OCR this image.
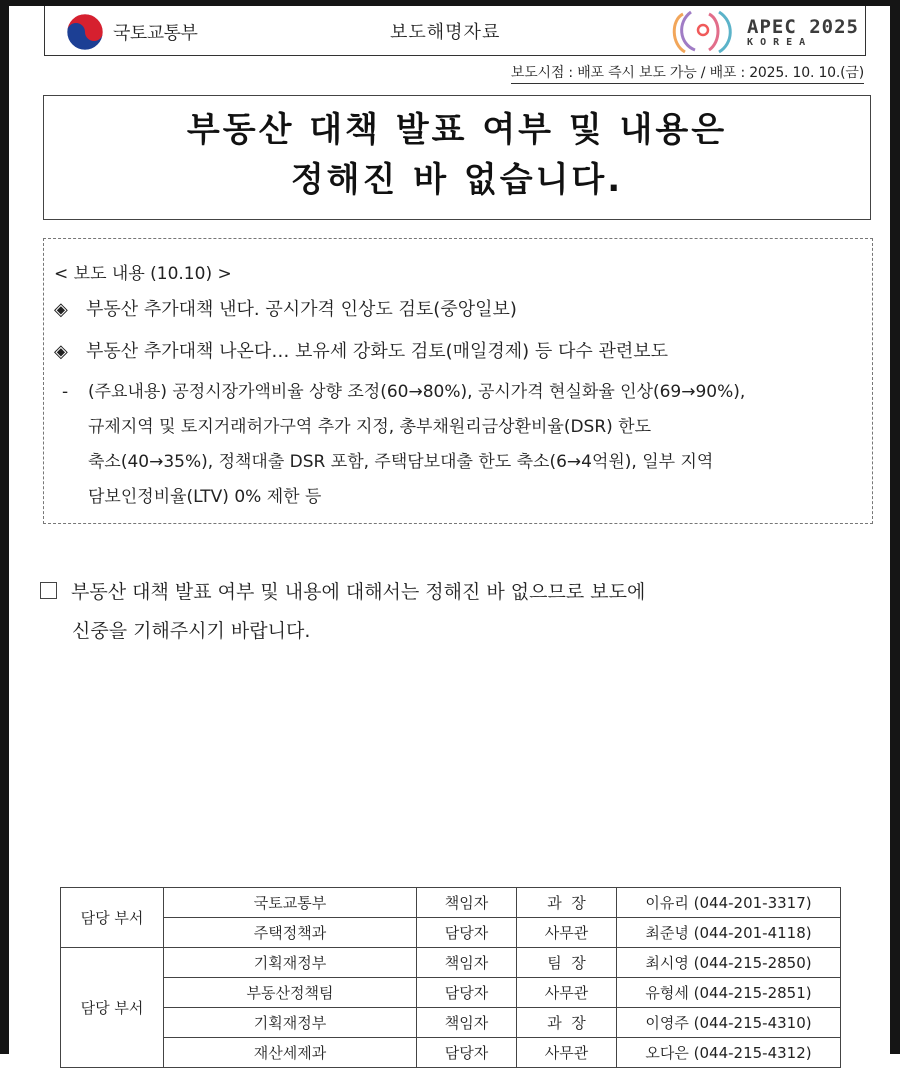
국토교통부	보도해명자료	APEC 2025
KOREA
보도시점 : 배포 즉시 보도 가능 / 배포 : 2025. 10. 10.(금)
부동산 대책 발표 여부 및 내용은
정해진 바 없습니다.
< 보도 내용 (10.10) >
◈ 부동산 추가대책 낸다. 공시가격 인상도 검토(중앙일보)
◈ 부동산 추가대책 나온다… 보유세 강화도 검토(매일경제) 등 다수 관련보도
-	(주요내용) 공정시장가액비율 상향 조정(60→80%), 공시가격 현실화율 인상(69→90%),
규제지역 및 토지거래허가구역 추가 지정, 총부채원리금상환비율(DSR) 한도
축소(40→35%), 정책대출 DSR 포함, 주택담보대출 한도 축소(6→4억원), 일부 지역
담보인정비율(LTV) 0% 제한 등
부동산 대책 발표 여부 및 내용에 대해서는 정해진 바 없으므로 보도에
신중을 기해주시기 바랍니다.
담당 부서	국토교통부	책임자	과  장	이유리 (044-201-3317)
	주택정책과	담당자	사무관	최준녕 (044-201-4118)
담당 부서	기획재정부	책임자	팀  장	최시영 (044-215-2850)
	부동산정책팀	담당자	사무관	유형세 (044-215-2851)
	기획재정부	책임자	과  장	이영주 (044-215-4310)
	재산세제과	담당자	사무관	오다은 (044-215-4312)
